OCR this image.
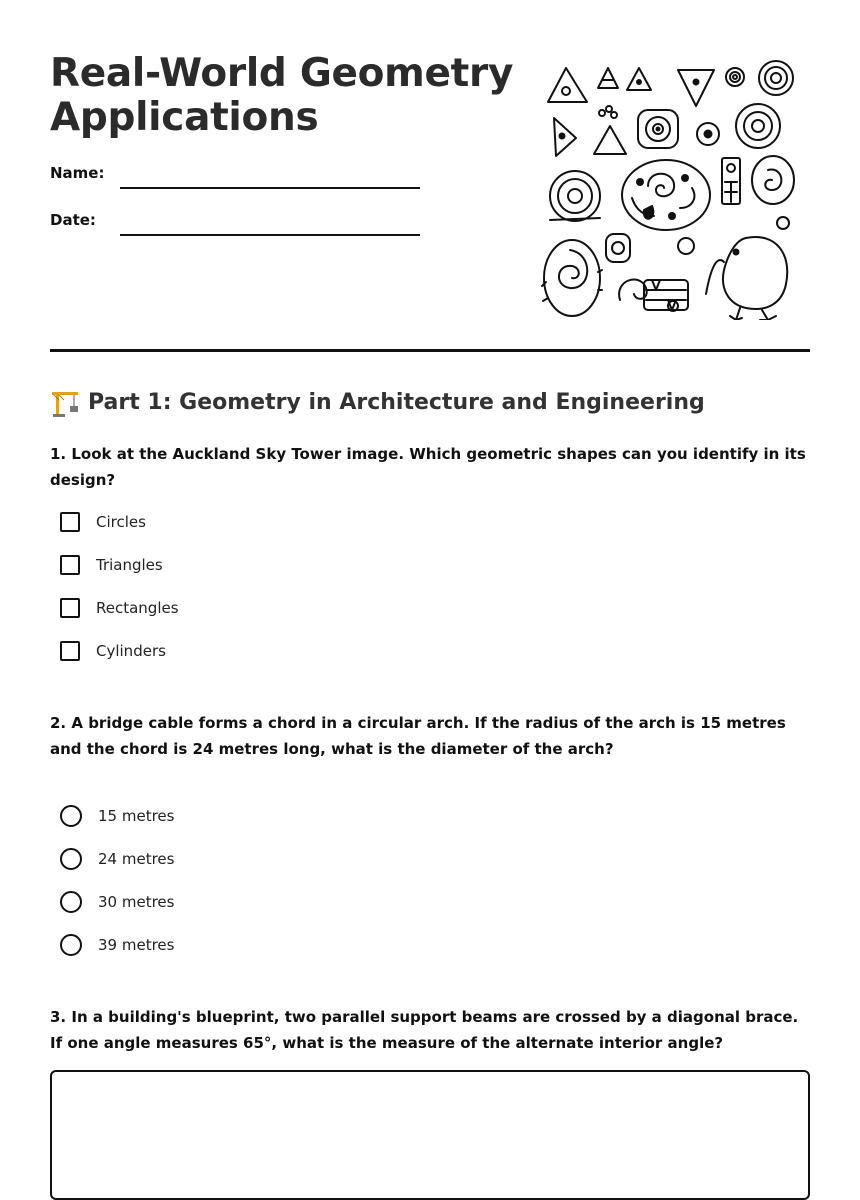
Real-World Geometry Applications
Name:
Date:
Part 1: Geometry in Architecture and Engineering

1. Look at the Auckland Sky Tower image. Which geometric shapes can you identify in its design?

Circles
Triangles
Rectangles
Cylinders

2. A bridge cable forms a chord in a circular arch. If the radius of the arch is 15 metres and the chord is 24 metres long, what is the diameter of the arch?

15 metres
24 metres
30 metres
39 metres

3. In a building's blueprint, two parallel support beams are crossed by a diagonal brace. If one angle measures 65°, what is the measure of the alternate interior angle?
